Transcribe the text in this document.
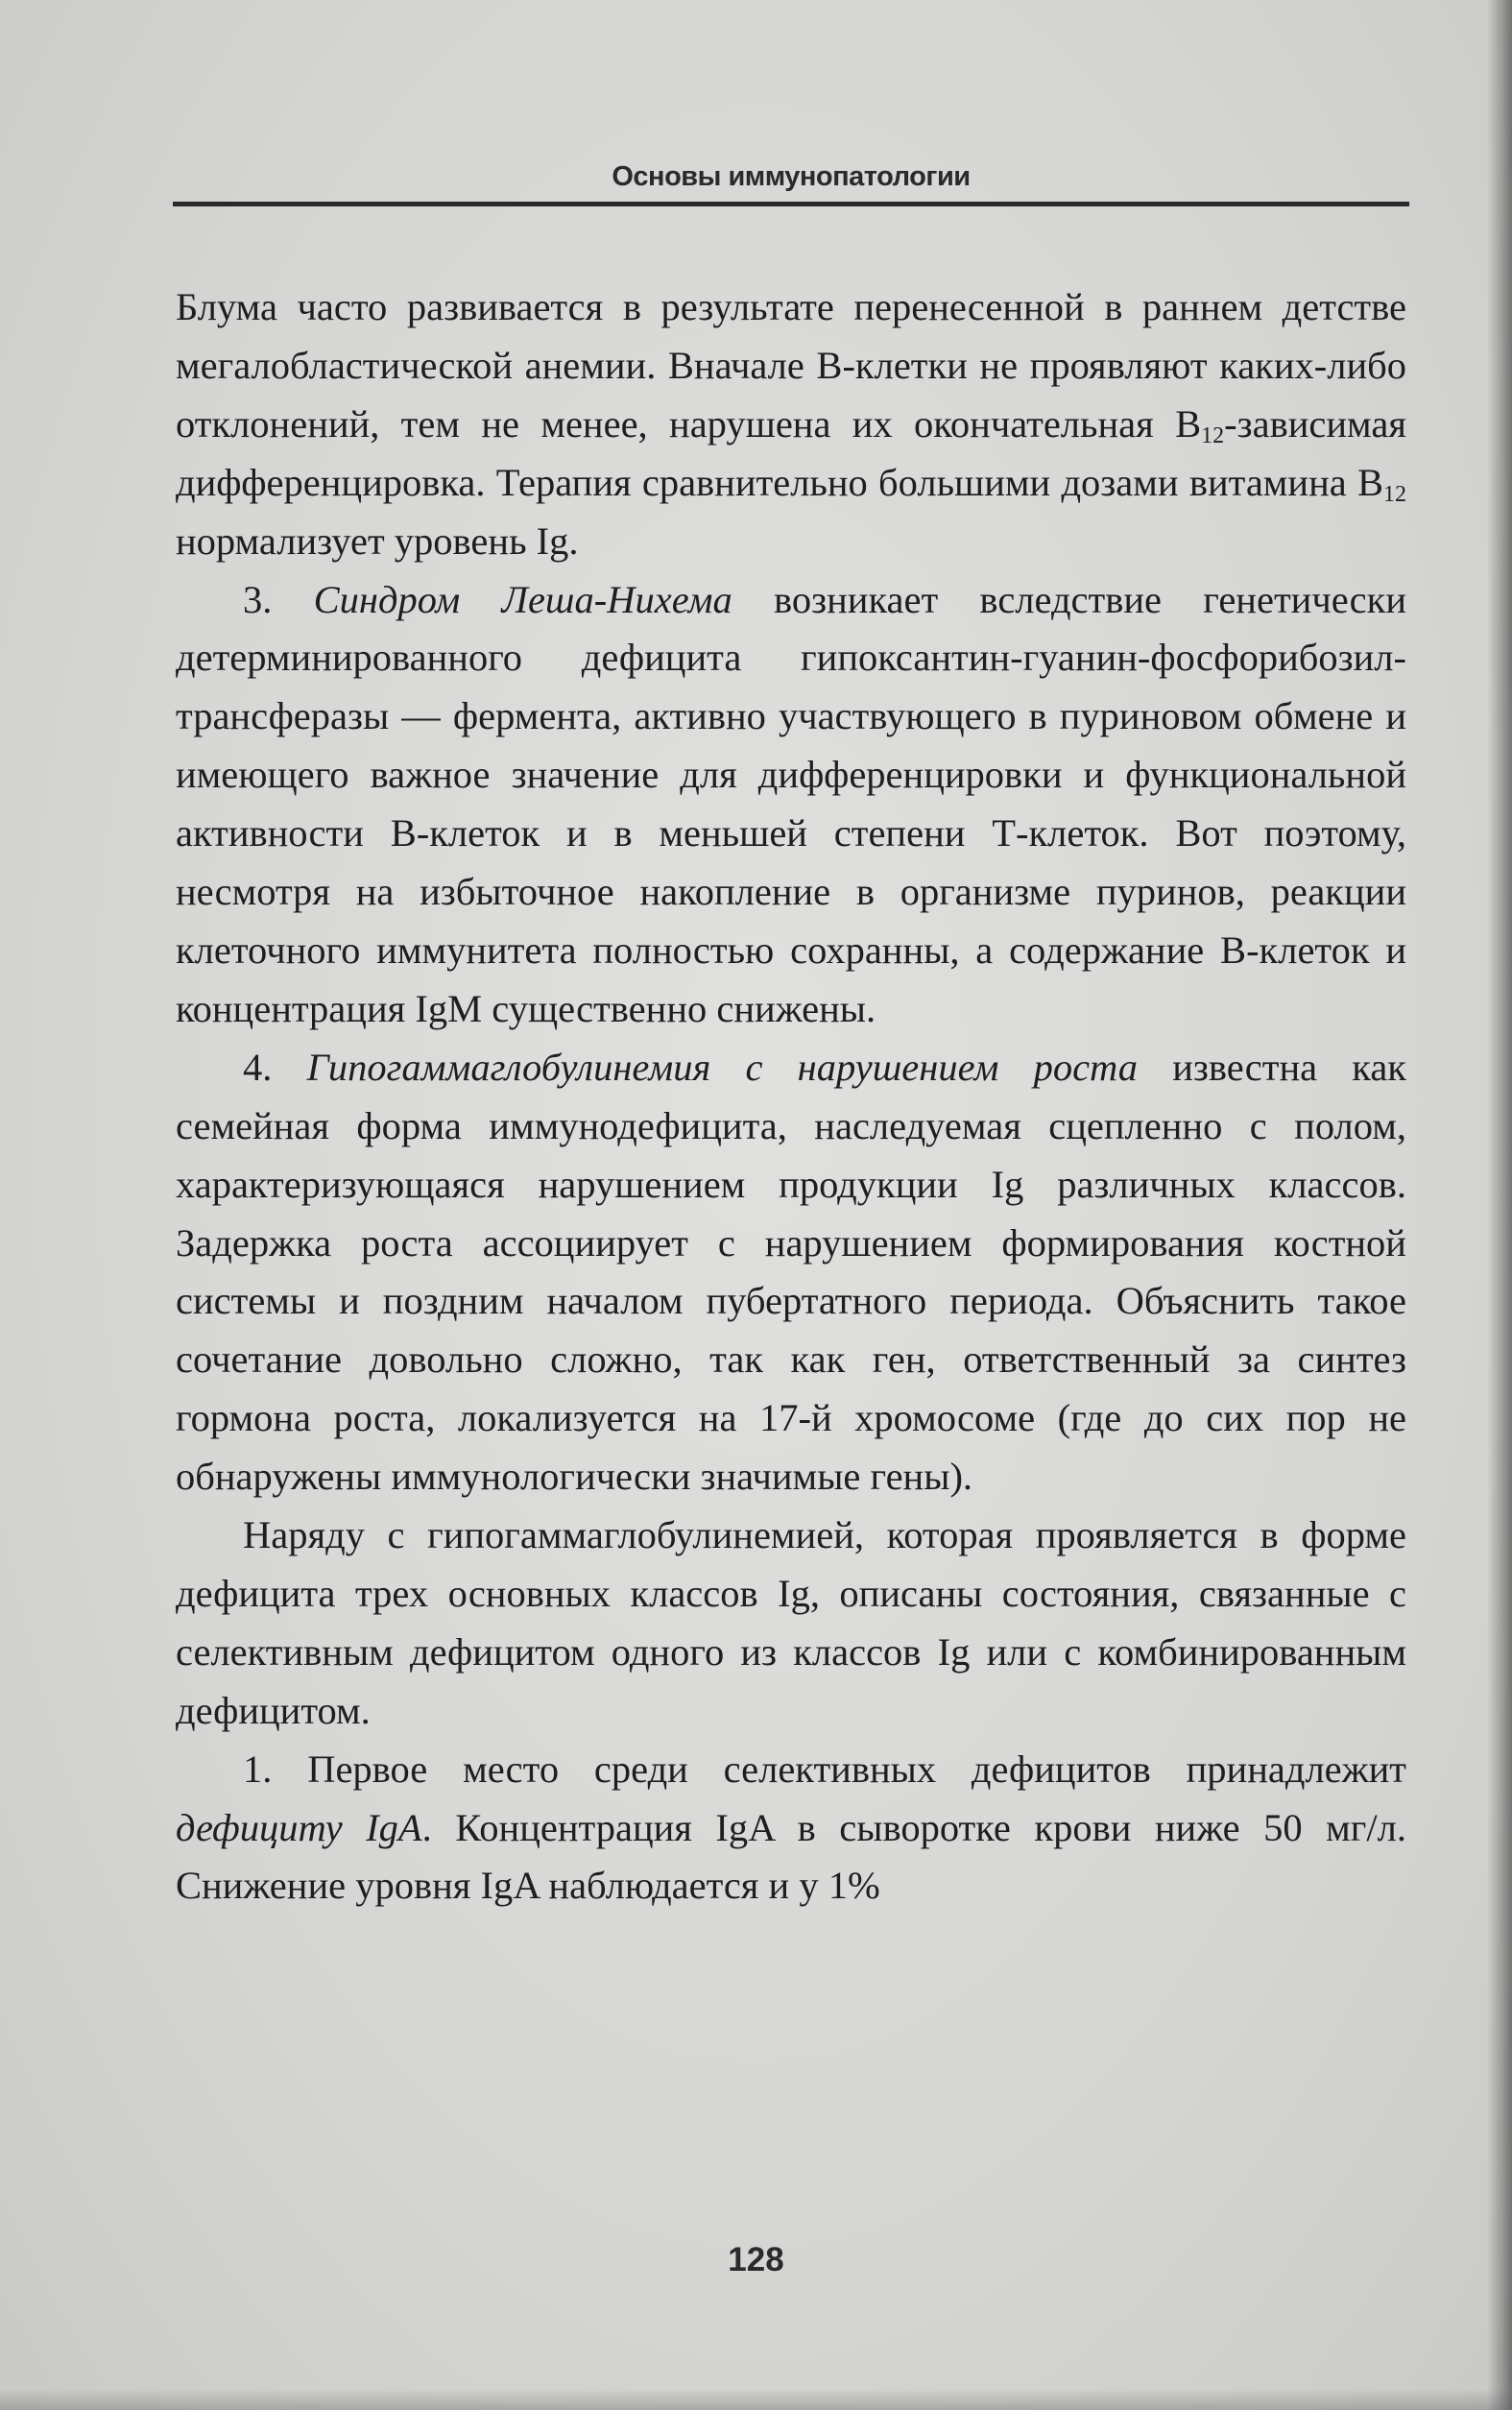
Основы иммунопатологии

Блума часто развивается в результате перенесенной в раннем детстве мегалобластической анемии. Вначале В-клетки не проявляют каких-либо отклонений, тем не менее, нарушена их окончательная $В_{12}$-зависимая дифференцировка. Терапия сравнительно большими дозами витамина $В_{12}$ нормализует уровень Ig.

3. Синдром Леша-Нихема возникает вследствие генетически детерминированного дефицита гипоксантин-гуанин-фосфорибозил-трансферазы — фермента, активно участвующего в пуриновом обмене и имеющего важное значение для дифференцировки и функциональной активности В-клеток и в меньшей степени Т-клеток. Вот поэтому, несмотря на избыточное накопление в организме пуринов, реакции клеточного иммунитета полностью сохранны, а содержание В-клеток и концентрация IgM существенно снижены.

4. Гипогаммаглобулинемия с нарушением роста известна как семейная форма иммунодефицита, наследуемая сцепленно с полом, характеризующаяся нарушением продукции Ig различных классов. Задержка роста ассоциирует с нарушением формирования костной системы и поздним началом пубертатного периода. Объяснить такое сочетание довольно сложно, так как ген, ответственный за синтез гормона роста, локализуется на 17-й хромосоме (где до сих пор не обнаружены иммунологически значимые гены).

Наряду с гипогаммаглобулинемией, которая проявляется в форме дефицита трех основных классов Ig, описаны состояния, связанные с селективным дефицитом одного из классов Ig или с комбинированным дефицитом.

1. Первое место среди селективных дефицитов принадлежит дефициту IgA. Концентрация IgA в сыворотке крови ниже 50 мг/л. Снижение уровня IgA наблюдается и у 1%

128
